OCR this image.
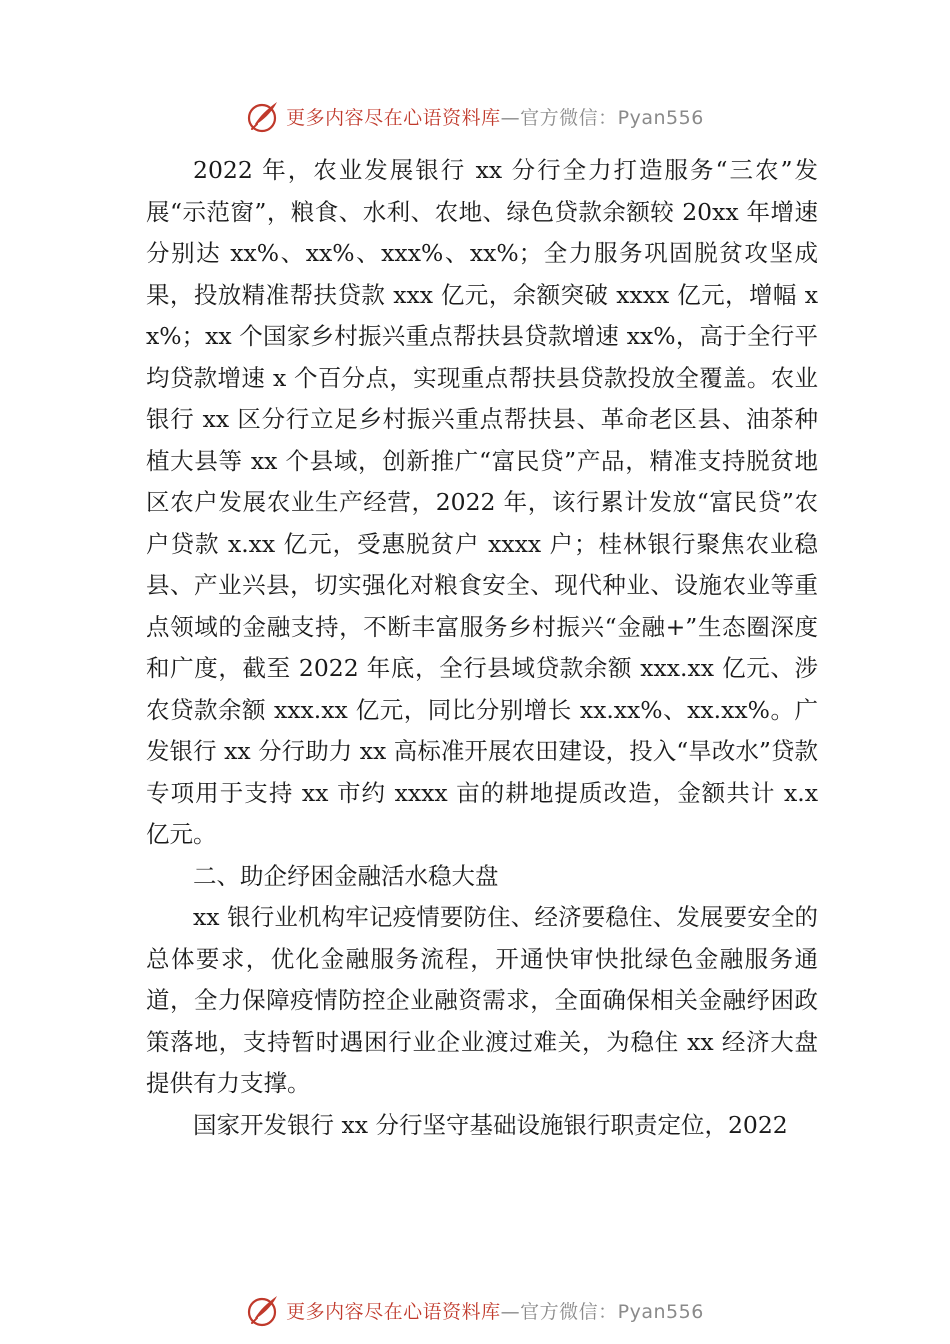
更多内容尽在心语资料库—官方微信：Pyan556

2022 年，农业发展银行 xx 分行全力打造服务“三农”发展“示范窗”，粮食、水利、农地、绿色贷款余额较 20xx 年增速分别达 xx%、xx%、xxx%、xx%；全力服务巩固脱贫攻坚成果，投放精准帮扶贷款 xxx 亿元，余额突破 xxxx 亿元，增幅 xx%；xx 个国家乡村振兴重点帮扶县贷款增速 xx%，高于全行平均贷款增速 x 个百分点，实现重点帮扶县贷款投放全覆盖。农业银行 xx 区分行立足乡村振兴重点帮扶县、革命老区县、油茶种植大县等 xx 个县域，创新推广“富民贷”产品，精准支持脱贫地区农户发展农业生产经营，2022 年，该行累计发放“富民贷”农户贷款 x.xx 亿元，受惠脱贫户 xxxx 户；桂林银行聚焦农业稳县、产业兴县，切实强化对粮食安全、现代种业、设施农业等重点领域的金融支持，不断丰富服务乡村振兴“金融+”生态圈深度和广度，截至 2022 年底，全行县域贷款余额 xxx.xx 亿元、涉农贷款余额 xxx.xx 亿元，同比分别增长 xx.xx%、xx.xx%。广发银行 xx 分行助力 xx 高标准开展农田建设，投入“旱改水”贷款专项用于支持 xx 市约 xxxx 亩的耕地提质改造，金额共计 x.x 亿元。

二、助企纾困金融活水稳大盘

xx 银行业机构牢记疫情要防住、经济要稳住、发展要安全的总体要求，优化金融服务流程，开通快审快批绿色金融服务通道，全力保障疫情防控企业融资需求，全面确保相关金融纾困政策落地，支持暂时遇困行业企业渡过难关，为稳住 xx 经济大盘提供有力支撑。

国家开发银行 xx 分行坚守基础设施银行职责定位，2022

更多内容尽在心语资料库—官方微信：Pyan556
